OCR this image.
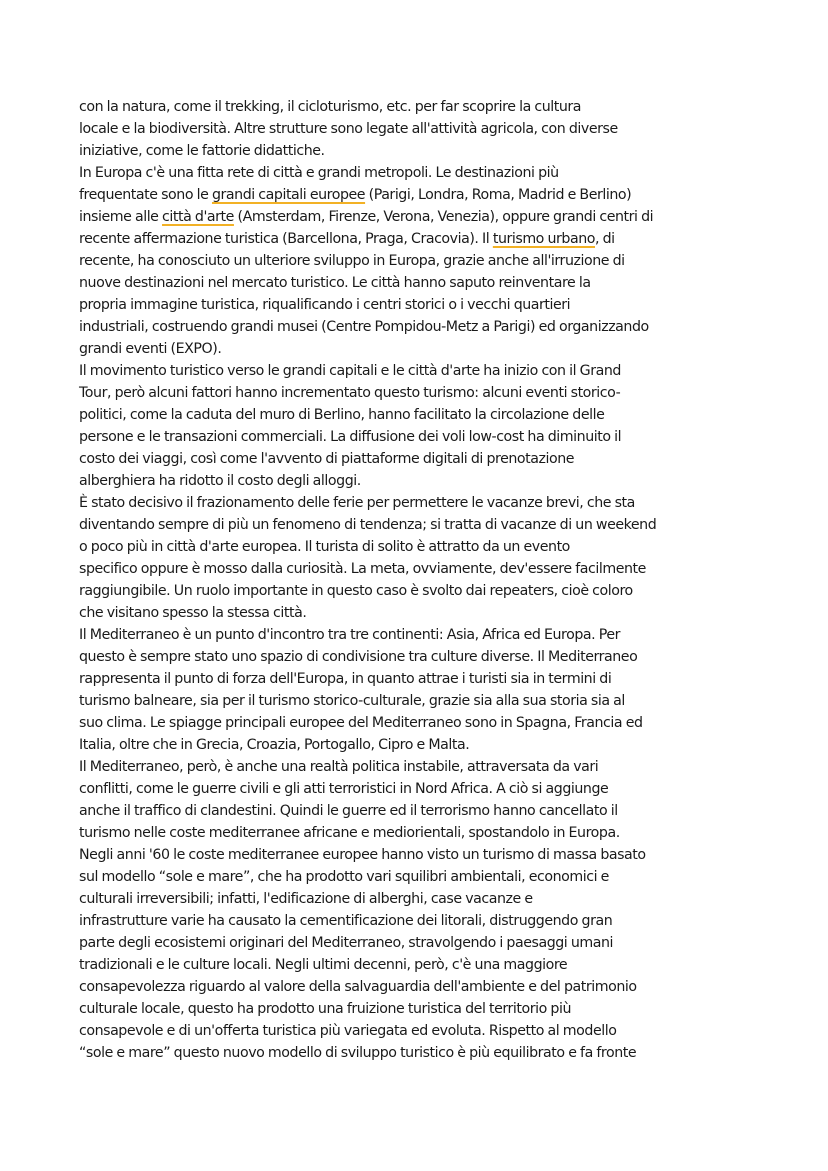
con la natura, come il trekking, il cicloturismo, etc. per far scoprire la cultura
locale e la biodiversità. Altre strutture sono legate all'attività agricola, con diverse
iniziative, come le fattorie didattiche.
In Europa c'è una fitta rete di città e grandi metropoli. Le destinazioni più
frequentate sono le grandi capitali europee (Parigi, Londra, Roma, Madrid e Berlino)
insieme alle città d'arte (Amsterdam, Firenze, Verona, Venezia), oppure grandi centri di
recente affermazione turistica (Barcellona, Praga, Cracovia). Il turismo urbano, di
recente, ha conosciuto un ulteriore sviluppo in Europa, grazie anche all'irruzione di
nuove destinazioni nel mercato turistico. Le città hanno saputo reinventare la
propria immagine turistica, riqualificando i centri storici o i vecchi quartieri
industriali, costruendo grandi musei (Centre Pompidou-Metz a Parigi) ed organizzando
grandi eventi (EXPO).
Il movimento turistico verso le grandi capitali e le città d'arte ha inizio con il Grand
Tour, però alcuni fattori hanno incrementato questo turismo: alcuni eventi storico-
politici, come la caduta del muro di Berlino, hanno facilitato la circolazione delle
persone e le transazioni commerciali. La diffusione dei voli low-cost ha diminuito il
costo dei viaggi, così come l'avvento di piattaforme digitali di prenotazione
alberghiera ha ridotto il costo degli alloggi.
È stato decisivo il frazionamento delle ferie per permettere le vacanze brevi, che sta
diventando sempre di più un fenomeno di tendenza; si tratta di vacanze di un weekend
o poco più in città d'arte europea. Il turista di solito è attratto da un evento
specifico oppure è mosso dalla curiosità. La meta, ovviamente, dev'essere facilmente
raggiungibile. Un ruolo importante in questo caso è svolto dai repeaters, cioè coloro
che visitano spesso la stessa città.
Il Mediterraneo è un punto d'incontro tra tre continenti: Asia, Africa ed Europa. Per
questo è sempre stato uno spazio di condivisione tra culture diverse. Il Mediterraneo
rappresenta il punto di forza dell'Europa, in quanto attrae i turisti sia in termini di
turismo balneare, sia per il turismo storico-culturale, grazie sia alla sua storia sia al
suo clima. Le spiagge principali europee del Mediterraneo sono in Spagna, Francia ed
Italia, oltre che in Grecia, Croazia, Portogallo, Cipro e Malta.
Il Mediterraneo, però, è anche una realtà politica instabile, attraversata da vari
conflitti, come le guerre civili e gli atti terroristici in Nord Africa. A ciò si aggiunge
anche il traffico di clandestini. Quindi le guerre ed il terrorismo hanno cancellato il
turismo nelle coste mediterranee africane e mediorientali, spostandolo in Europa.
Negli anni '60 le coste mediterranee europee hanno visto un turismo di massa basato
sul modello “sole e mare”, che ha prodotto vari squilibri ambientali, economici e
culturali irreversibili; infatti, l'edificazione di alberghi, case vacanze e
infrastrutture varie ha causato la cementificazione dei litorali, distruggendo gran
parte degli ecosistemi originari del Mediterraneo, stravolgendo i paesaggi umani
tradizionali e le culture locali. Negli ultimi decenni, però, c'è una maggiore
consapevolezza riguardo al valore della salvaguardia dell'ambiente e del patrimonio
culturale locale, questo ha prodotto una fruizione turistica del territorio più
consapevole e di un'offerta turistica più variegata ed evoluta. Rispetto al modello
“sole e mare” questo nuovo modello di sviluppo turistico è più equilibrato e fa fronte
